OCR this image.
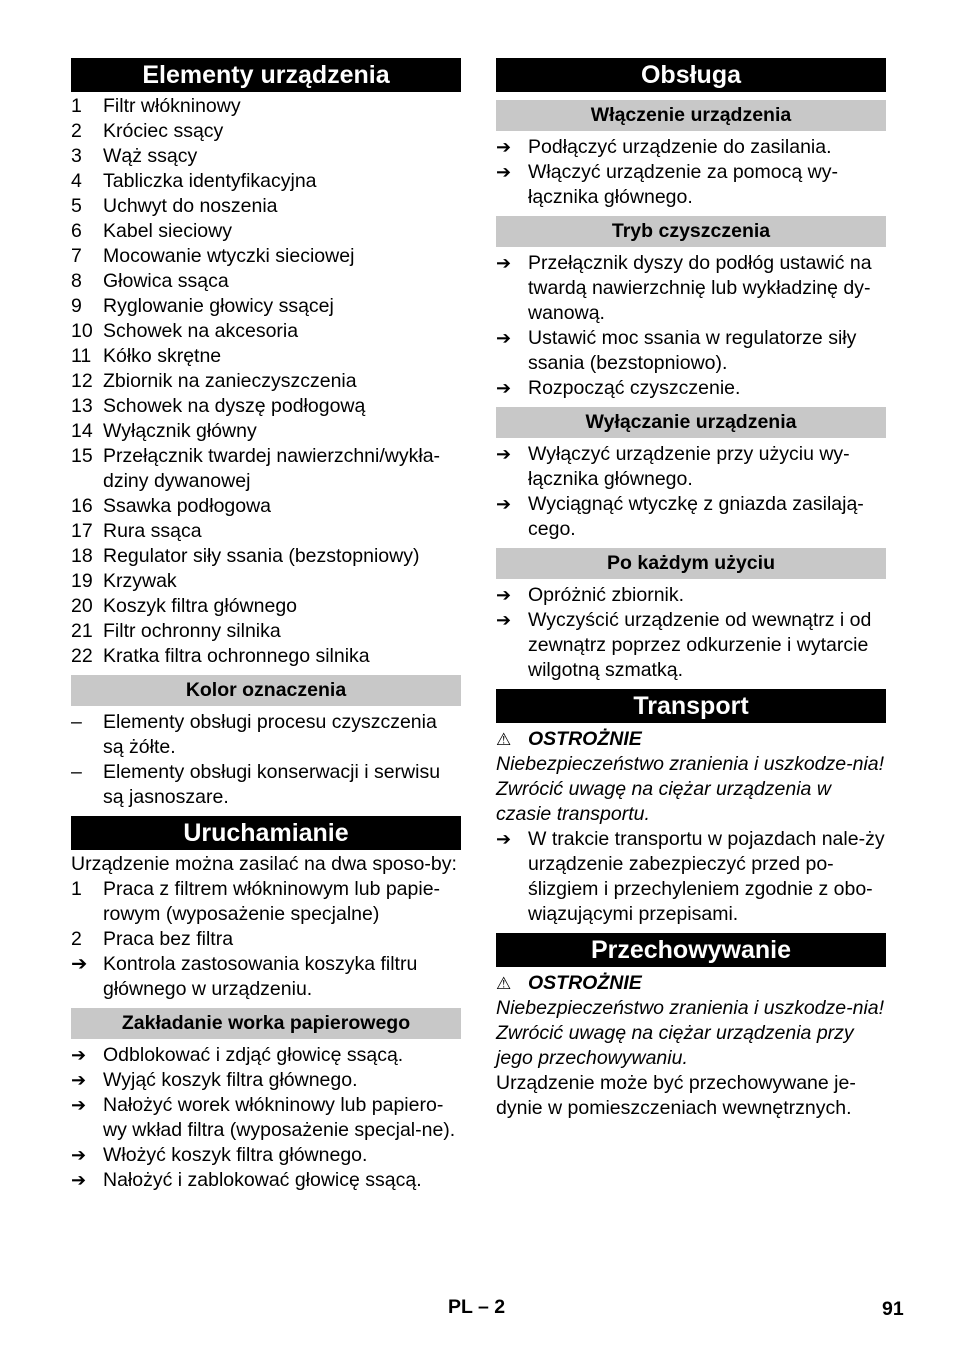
Elementy urządzenia
1	Filtr włókninowy
2	Króciec ssący
3	Wąż ssący
4	Tabliczka identyfikacyjna
5	Uchwyt do noszenia
6	Kabel sieciowy
7	Mocowanie wtyczki sieciowej
8	Głowica ssąca
9	Ryglowanie głowicy ssącej
10 Schowek na akcesoria
11 Kółko skrętne
12 Zbiornik na zanieczyszczenia
13 Schowek na dyszę podłogową
14 Wyłącznik główny
15 Przełącznik twardej nawierzchni/wykła-dziny dywanowej
16 Ssawka podłogowa
17 Rura ssąca
18 Regulator siły ssania (bezstopniowy)
19 Krzywak
20 Koszyk filtra głównego
21 Filtr ochronny silnika
22 Kratka filtra ochronnego silnika
Kolor oznaczenia
–	Elementy obsługi procesu czyszczenia są żółte.
–	Elementy obsługi konserwacji i serwisu są jasnoszare.
Uruchamianie
Urządzenie można zasilać na dwa sposo-by:
1	Praca z filtrem włókninowym lub papie-rowym (wyposażenie specjalne)
2	Praca bez filtra
➔ Kontrola zastosowania koszyka filtru głównego w urządzeniu.
Zakładanie worka papierowego
➔ Odblokować i zdjąć głowicę ssącą.
➔ Wyjąć koszyk filtra głównego.
➔ Nałożyć worek włókninowy lub papiero-wy wkład filtra (wyposażenie specjal-ne).
➔ Włożyć koszyk filtra głównego.
➔ Nałożyć i zablokować głowicę ssącą.
Obsługa
Włączenie urządzenia
➔ Podłączyć urządzenie do zasilania.
➔ Włączyć urządzenie za pomocą wy-łącznika głównego.
Tryb czyszczenia
➔ Przełącznik dyszy do podłóg ustawić na twardą nawierzchnię lub wykładzinę dy-wanową.
➔ Ustawić moc ssania w regulatorze siły ssania (bezstopniowo).
➔ Rozpocząć czyszczenie.
Wyłączanie urządzenia
➔ Wyłączyć urządzenie przy użyciu wy-łącznika głównego.
➔ Wyciągnąć wtyczkę z gniazda zasilają-cego.
Po każdym użyciu
➔ Opróżnić zbiornik.
➔ Wyczyścić urządzenie od wewnątrz i od zewnątrz poprzez odkurzenie i wytarcie wilgotną szmatką.
Transport
⚠ OSTROŻNIE
Niebezpieczeństwo zranienia i uszkodze-nia! Zwrócić uwagę na ciężar urządzenia w czasie transportu.
➔ W trakcie transportu w pojazdach nale-ży urządzenie zabezpieczyć przed po-ślizgiem i przechyleniem zgodnie z obo-wiązującymi przepisami.
Przechowywanie
⚠ OSTROŻNIE
Niebezpieczeństwo zranienia i uszkodze-nia! Zwrócić uwagę na ciężar urządzenia przy jego przechowywaniu.
Urządzenie może być przechowywane je-dynie w pomieszczeniach wewnętrznych.
PL – 2	91
